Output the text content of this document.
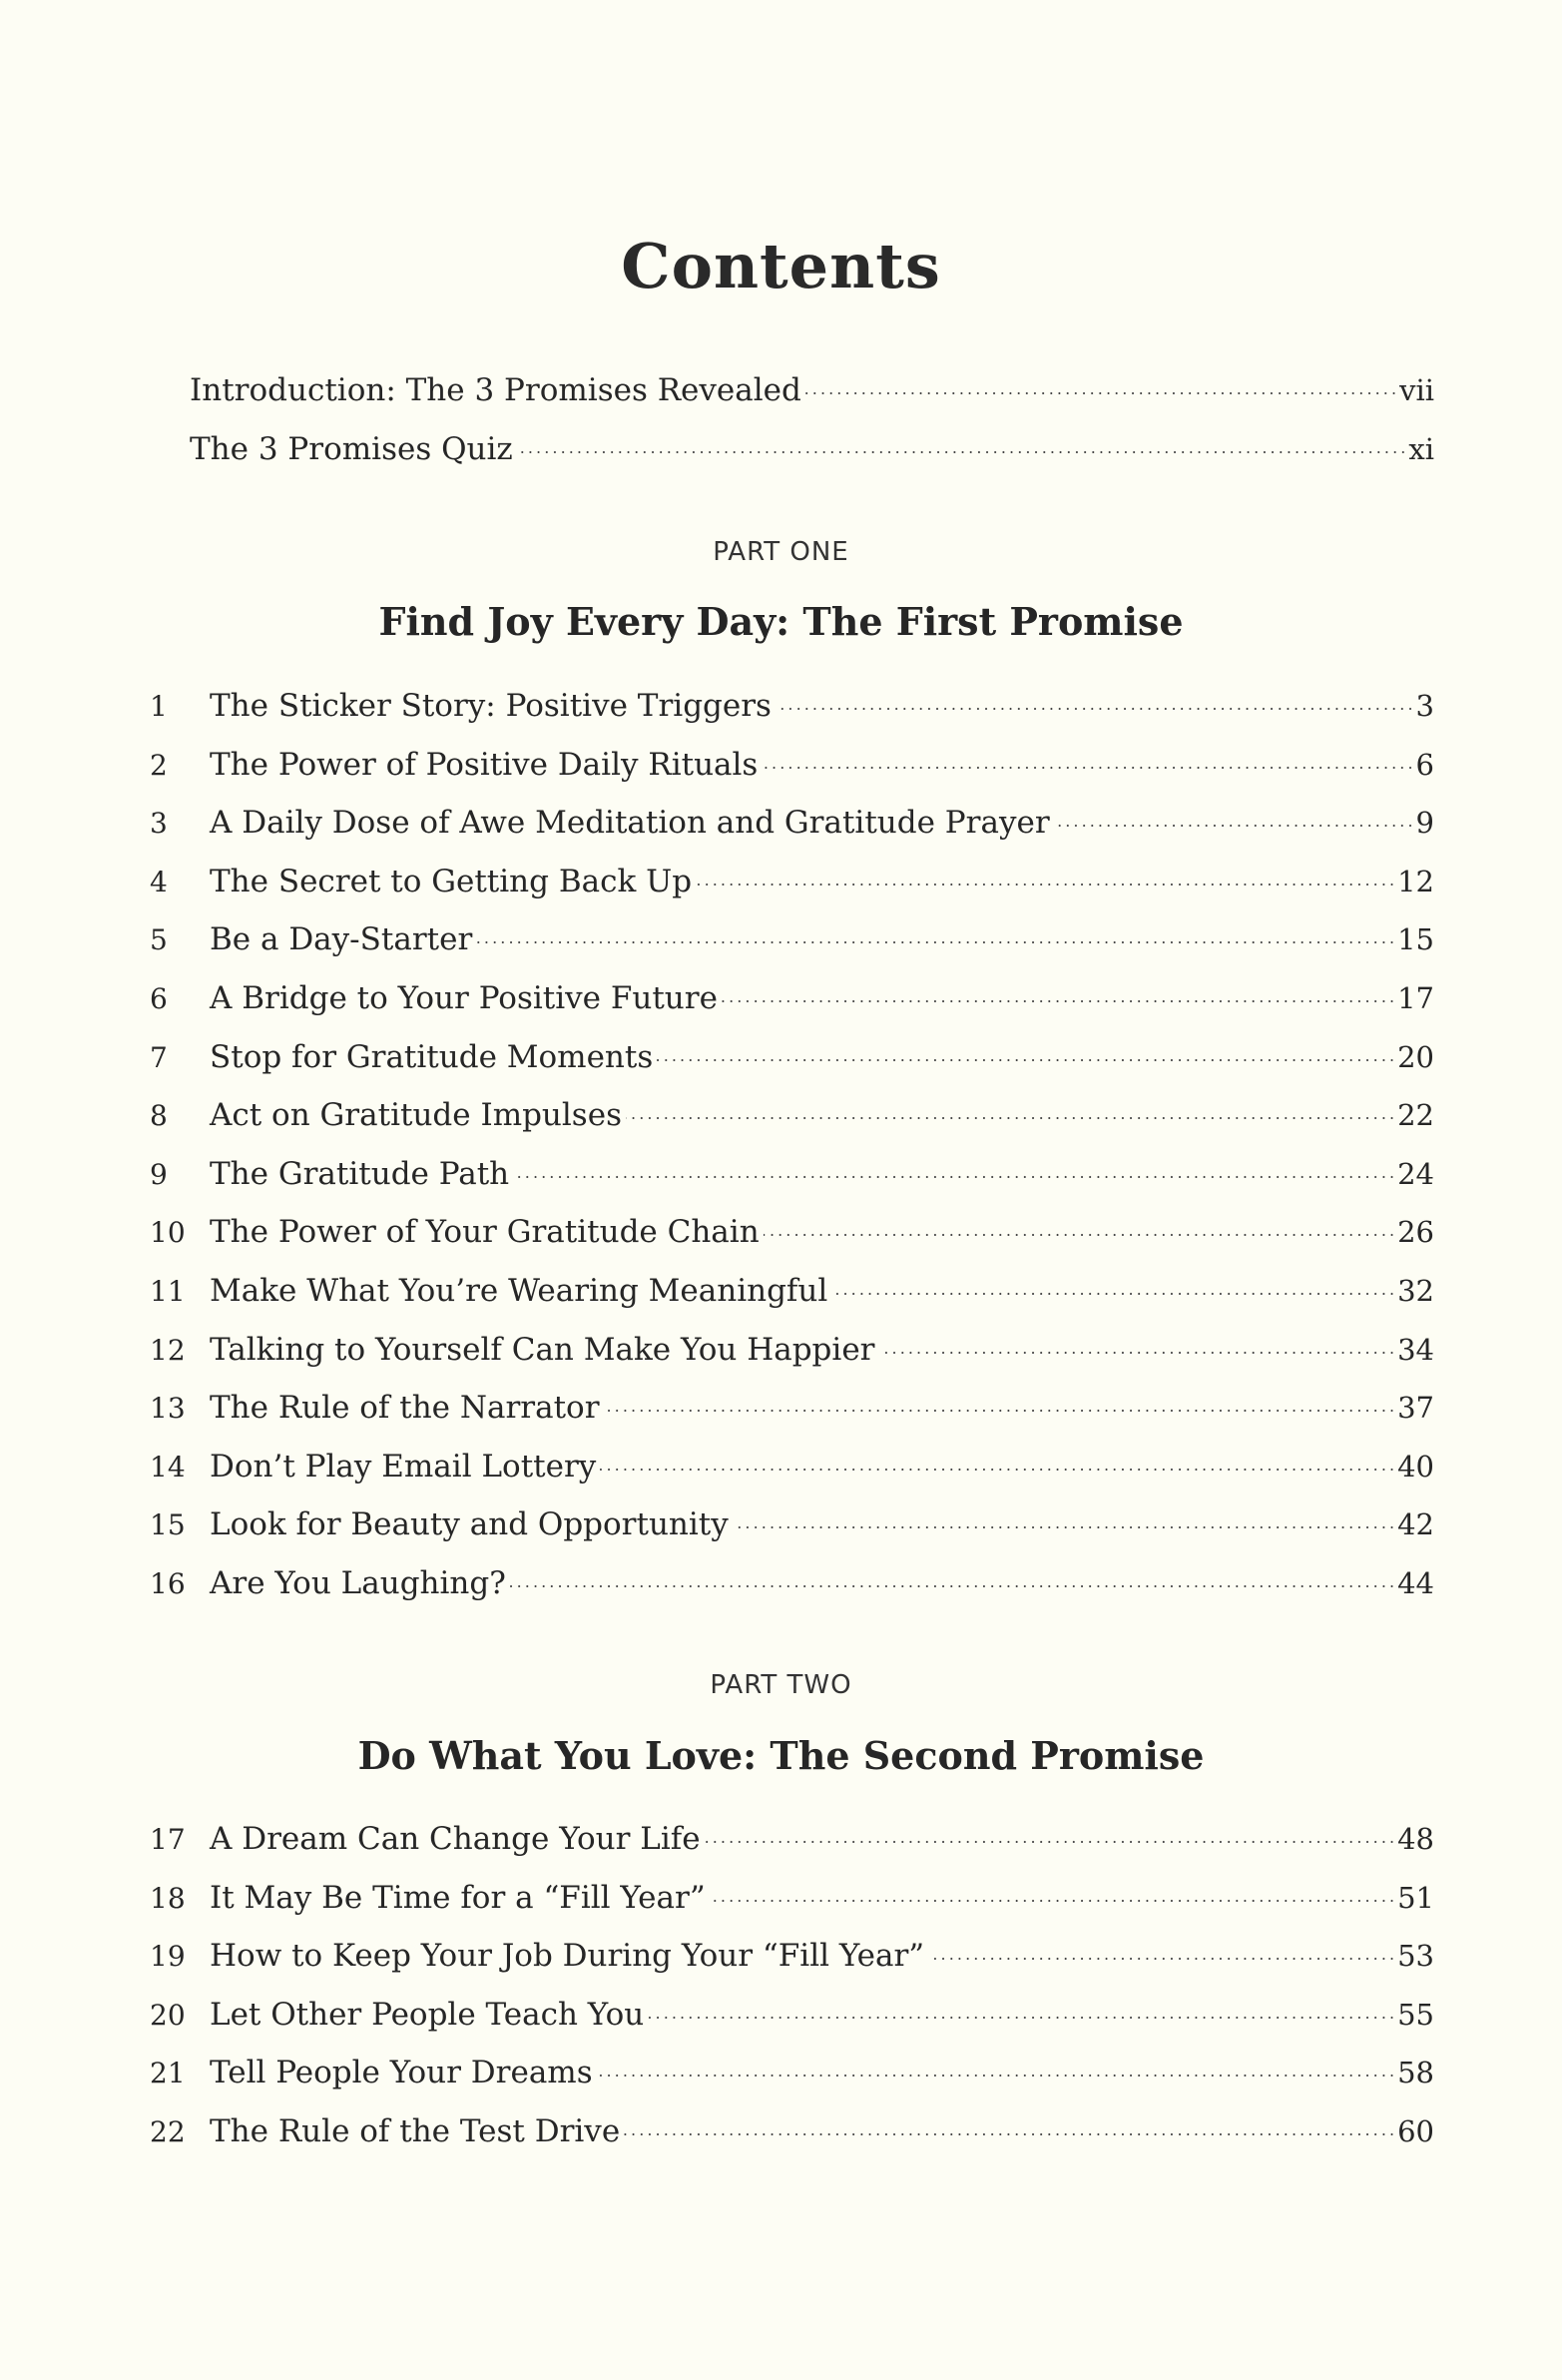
Contents
Introduction: The 3 Promises Revealed . . .	vii
The 3 Promises Quiz . . .	xi
PART ONE
Find Joy Every Day: The First Promise
1	The Sticker Story: Positive Triggers . . .	3
2	The Power of Positive Daily Rituals . . .	6
3	A Daily Dose of Awe Meditation and Gratitude Prayer . . .	9
4	The Secret to Getting Back Up . . .	12
5	Be a Day-Starter . . .	15
6	A Bridge to Your Positive Future . . .	17
7	Stop for Gratitude Moments . . .	20
8	Act on Gratitude Impulses . . .	22
9	The Gratitude Path . . .	24
10 The Power of Your Gratitude Chain . . .	26
11 Make What You’re Wearing Meaningful . . .	32
12 Talking to Yourself Can Make You Happier . . .	34
13 The Rule of the Narrator . . .	37
14 Don’t Play Email Lottery . . .	40
15 Look for Beauty and Opportunity . . .	42
16 Are You Laughing? . . .	44
PART TWO
Do What You Love: The Second Promise
17 A Dream Can Change Your Life . . .	48
18 It May Be Time for a “Fill Year” . . .	51
19 How to Keep Your Job During Your “Fill Year” . . .	53
20 Let Other People Teach You . . .	55
21 Tell People Your Dreams . . .	58
22 The Rule of the Test Drive . . .	60
